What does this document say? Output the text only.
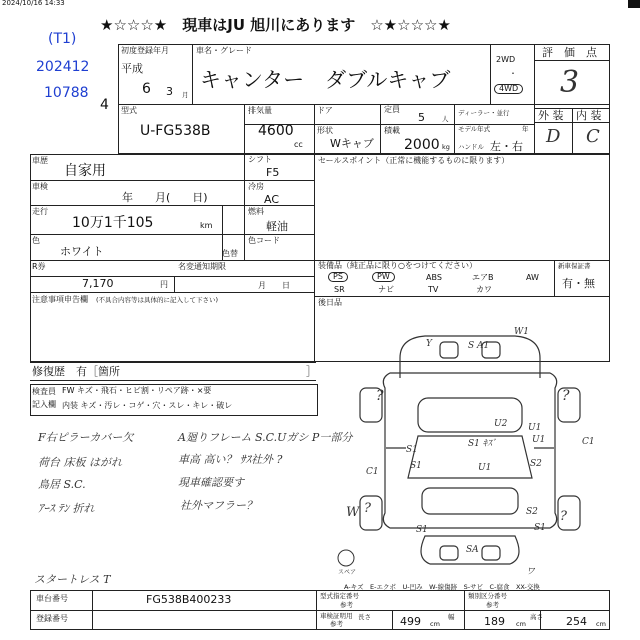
2024/10/16 14:33
★☆☆☆★　現車はJU 旭川にあります　☆★☆☆☆★
(T1)
202412
10788
4
初度登録年月
平成
6 3 月
車名・グレード
キャンター　ダブルキャブ
2WD
・
4WD
評　価　点
3
型式
U-FG538B
排気量
4600
cc
ドア	定員
5	人
ディーラー・並行
形状
Wキャブ
積載
2000 kg
モデル年式	年
ハンドル 左・右
外 装 内 装
D C
車歴
自家用
シフト
F5
セールスポイント（正常に機能するものに限ります）
車検
年　　月(　　日)
冷房
AC
走行
10万1千105	km
燃料
軽油
色
ホワイト	色替
色コード
R券
7,170	円
名変通知期限
月　　日
注意事項申告欄 (不具合内容等は具体的に記入して下さい)
装備品（純正品に限り○をつけてください）
PS	PW	ABS	エアB	AW
SR	ナビ	TV	カワ
新車保証書
有・無
後日品
修復歴　有［箇所	］
検査員
記入欄
FW キズ・飛石・ヒビ割・リペア跡・×要
内装 キズ・汚レ・コゲ・穴・スレ・キレ・破レ
F右ピラーカバー欠
荷台 床板 はがれ
鳥居 S.C.
ｱｰｽ ﾃﾝ 折れ
A廻りフレーム S.C.Uガシ P一部分
車高 高い？ ｻｽ社外 ?
現車確認要す
社外マフラー？
スタートレス T
S A1
W1
S1 ｷｽﾞ
C1
Y
?	?
U1
U1
S1
S1
S2
S1
S1
S2
?
C1
?
W
SA
ワ
U1
U2
スペア
A-キズ　E-エクボ　U-凹み　W-線傷跡　S-サビ　C-腐食　XX-交換
車台番号	FG538B400233
登録番号
型式指定番号
参考
類別区分番号
参考
車検証明用
参考
長さ	499 cm
幅	189 cm
高さ 254 cm
